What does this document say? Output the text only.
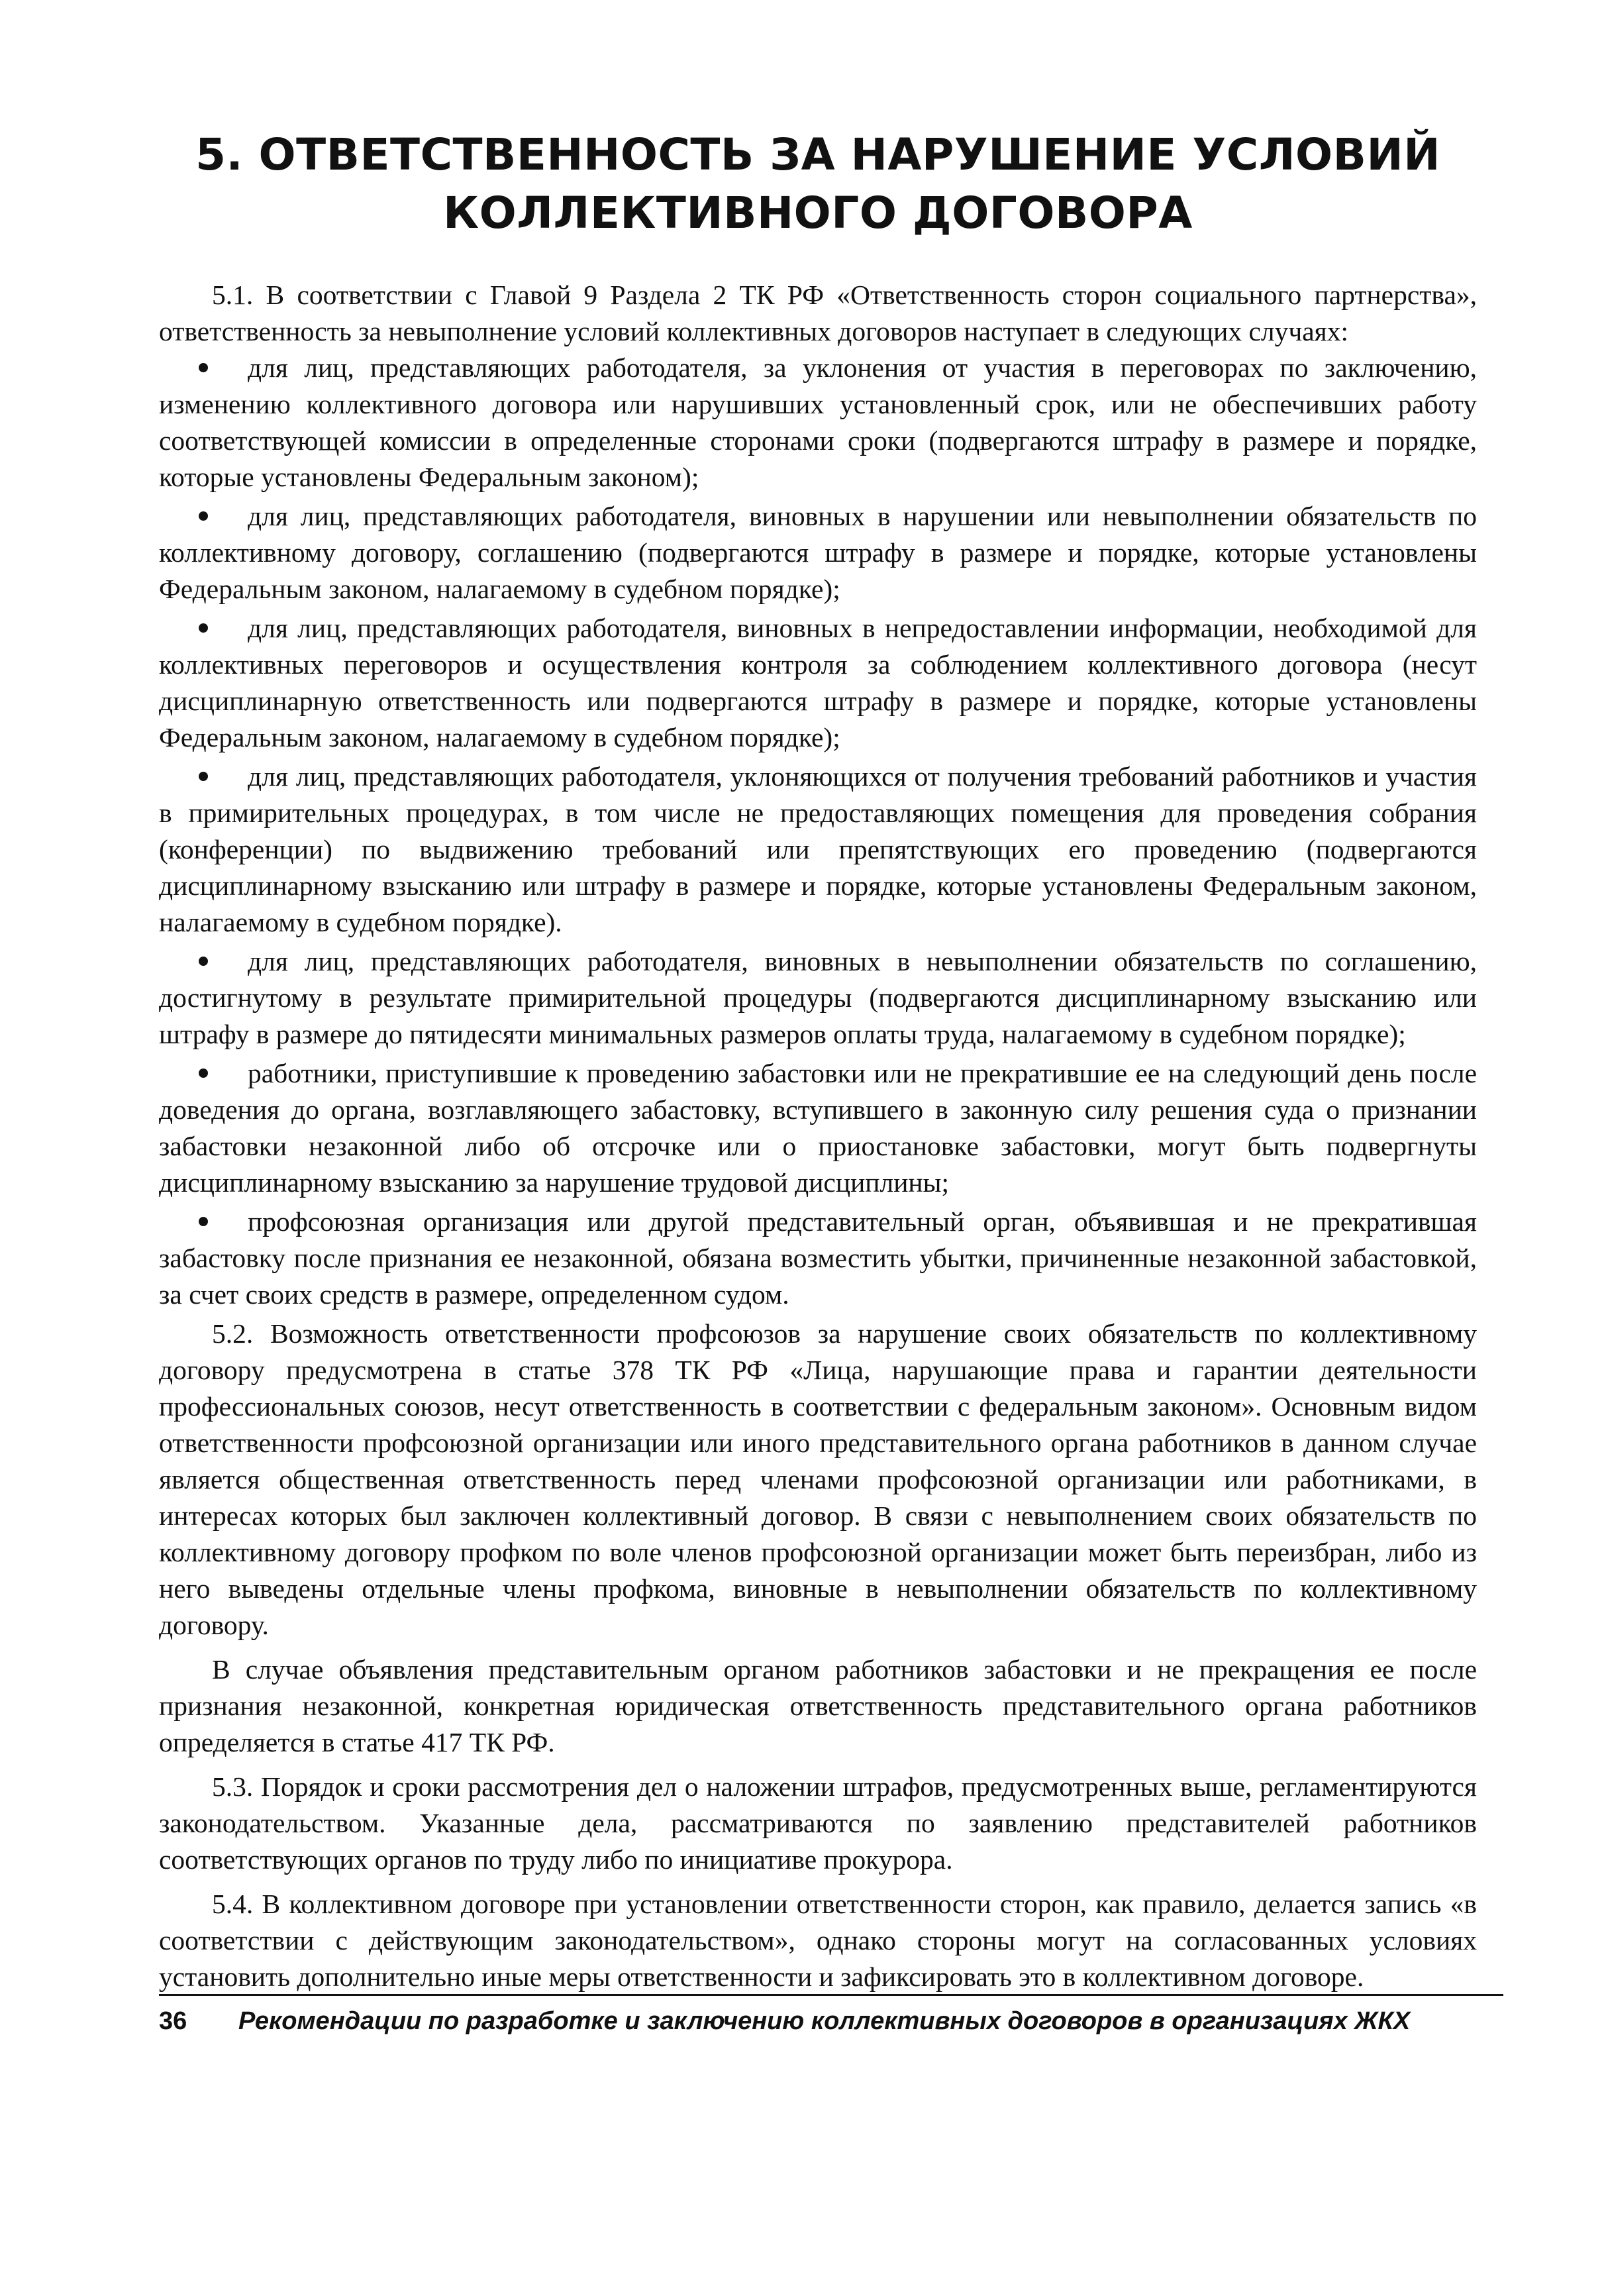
5. ОТВЕТСТВЕННОСТЬ ЗА НАРУШЕНИЕ УСЛОВИЙ
КОЛЛЕКТИВНОГО ДОГОВОРА

5.1. В соответствии с Главой 9 Раздела 2 ТК РФ «Ответственность сторон социального партнерства», ответственность за невыполнение условий коллективных договоров наступает в следующих случаях:

для лиц, представляющих работодателя, за уклонения от участия в переговорах по заключению, изменению коллективного договора или нарушивших установленный срок, или не обеспечивших работу соответствующей комиссии в определенные сторонами сроки (подвергаются штрафу в размере и порядке, которые установлены Федеральным законом);

для лиц, представляющих работодателя, виновных в нарушении или невыполнении обязательств по коллективному договору, соглашению (подвергаются штрафу в размере и порядке, которые установлены Федеральным законом, налагаемому в судебном порядке);

для лиц, представляющих работодателя, виновных в непредоставлении информации, необходимой для коллективных переговоров и осуществления контроля за соблюдением коллективного договора (несут дисциплинарную ответственность или подвергаются штрафу в размере и порядке, которые установлены Федеральным законом, налагаемому в судебном порядке);

для лиц, представляющих работодателя, уклоняющихся от получения требований работников и участия в примирительных процедурах, в том числе не предоставляющих помещения для проведения собрания (конференции) по выдвижению требований или препятствующих его проведению (подвергаются дисциплинарному взысканию или штрафу в размере и порядке, которые установлены Федеральным законом, налагаемому в судебном порядке).

для лиц, представляющих работодателя, виновных в невыполнении обязательств по соглашению, достигнутому в результате примирительной процедуры (подвергаются дисциплинарному взысканию или штрафу в размере до пятидесяти минимальных размеров оплаты труда, налагаемому в судебном порядке);

работники, приступившие к проведению забастовки или не прекратившие ее на следующий день после доведения до органа, возглавляющего забастовку, вступившего в законную силу решения суда о признании забастовки незаконной либо об отсрочке или о приостановке забастовки, могут быть подвергнуты дисциплинарному взысканию за нарушение трудовой дисциплины;

профсоюзная организация или другой представительный орган, объявившая и не прекратившая забастовку после признания ее незаконной, обязана возместить убытки, причиненные незаконной забастовкой, за счет своих средств в размере, определенном судом.

5.2. Возможность ответственности профсоюзов за нарушение своих обязательств по коллективному договору предусмотрена в статье 378 ТК РФ «Лица, нарушающие права и гарантии деятельности профессиональных союзов, несут ответственность в соответствии с федеральным законом». Основным видом ответственности профсоюзной организации или иного представительного органа работников в данном случае является общественная ответственность перед членами профсоюзной организации или работниками, в интересах которых был заключен коллективный договор. В связи с невыполнением своих обязательств по коллективному договору профком по воле членов профсоюзной организации может быть переизбран, либо из него выведены отдельные члены профкома, виновные в невыполнении обязательств по коллективному договору.

В случае объявления представительным органом работников забастовки и не прекращения ее после признания незаконной, конкретная юридическая ответственность представительного органа работников определяется в статье 417 ТК РФ.

5.3. Порядок и сроки рассмотрения дел о наложении штрафов, предусмотренных выше, регламентируются законодательством. Указанные дела, рассматриваются по заявлению представителей работников соответствующих органов по труду либо по инициативе прокурора.

5.4. В коллективном договоре при установлении ответственности сторон, как правило, делается запись «в соответствии с действующим законодательством», однако стороны могут на согласованных условиях установить дополнительно иные меры ответственности и зафиксировать это в коллективном договоре.

36 Рекомендации по разработке и заключению коллективных договоров в организациях ЖКХ
